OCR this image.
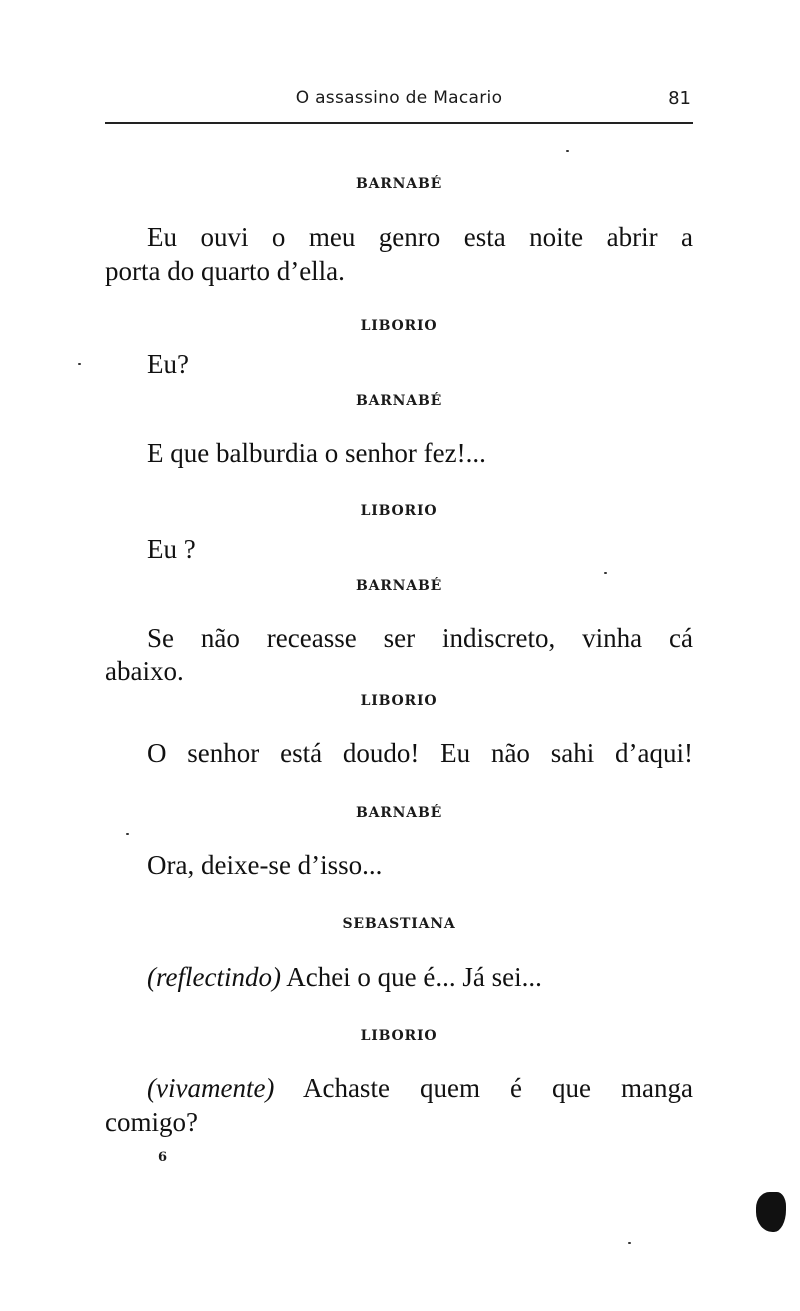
O assassino de Macario	81
BARNABÉ
Eu ouvi o meu genro esta noite abrir a
porta do quarto d’ella.
LIBORIO
Eu?
BARNABÉ
E que balburdia o senhor fez!...
LIBORIO
Eu ?
BARNABÉ
Se não receasse ser indiscreto, vinha cá
abaixo.
LIBORIO
O senhor está doudo! Eu não sahi d’aqui!
BARNABÉ
Ora, deixe-se d’isso...
SEBASTIANA
(reflectindo) Achei o que é... Já sei...
LIBORIO
(vivamente) Achaste quem é que manga
comigo?
6
